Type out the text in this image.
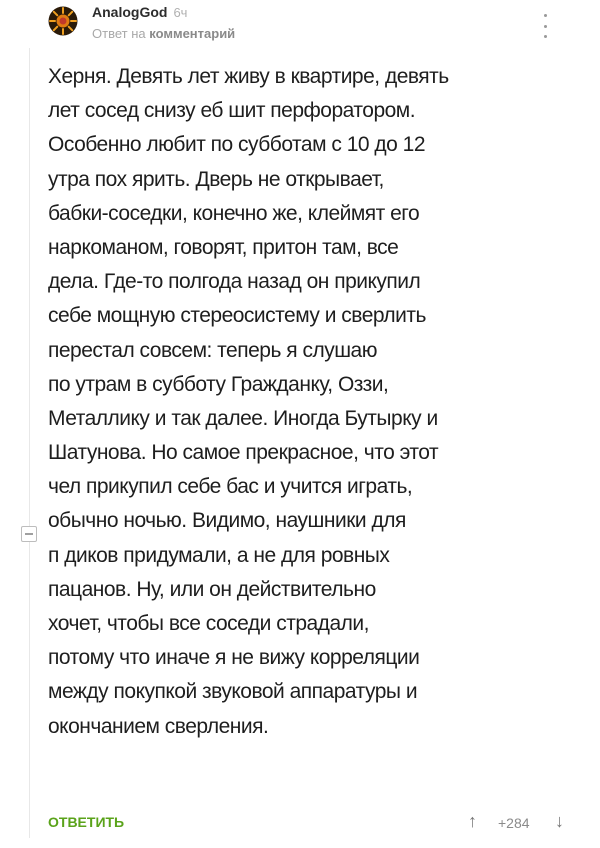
AnalogGod 6ч
Ответ на комментарий
Херня. Девять лет живу в квартире, девять
лет сосед снизу еб шит перфоратором.
Особенно любит по субботам с 10 до 12
утра пох ярить. Дверь не открывает,
бабки-соседки, конечно же, клеймят его
наркоманом, говорят, притон там, все
дела. Где-то полгода назад он прикупил
себе мощную стереосистему и сверлить
перестал совсем: теперь я слушаю
по утрам в субботу Гражданку, Оззи,
Металлику и так далее. Иногда Бутырку и
Шатунова. Но самое прекрасное, что этот
чел прикупил себе бас и учится играть,
обычно ночью. Видимо, наушники для
п диков придумали, а не для ровных
пацанов. Ну, или он действительно
хочет, чтобы все соседи страдали,
потому что иначе я не вижу корреляции
между покупкой звуковой аппаратуры и
окончанием сверления.
ОТВЕТИТЬ	↑ +284 ↓
